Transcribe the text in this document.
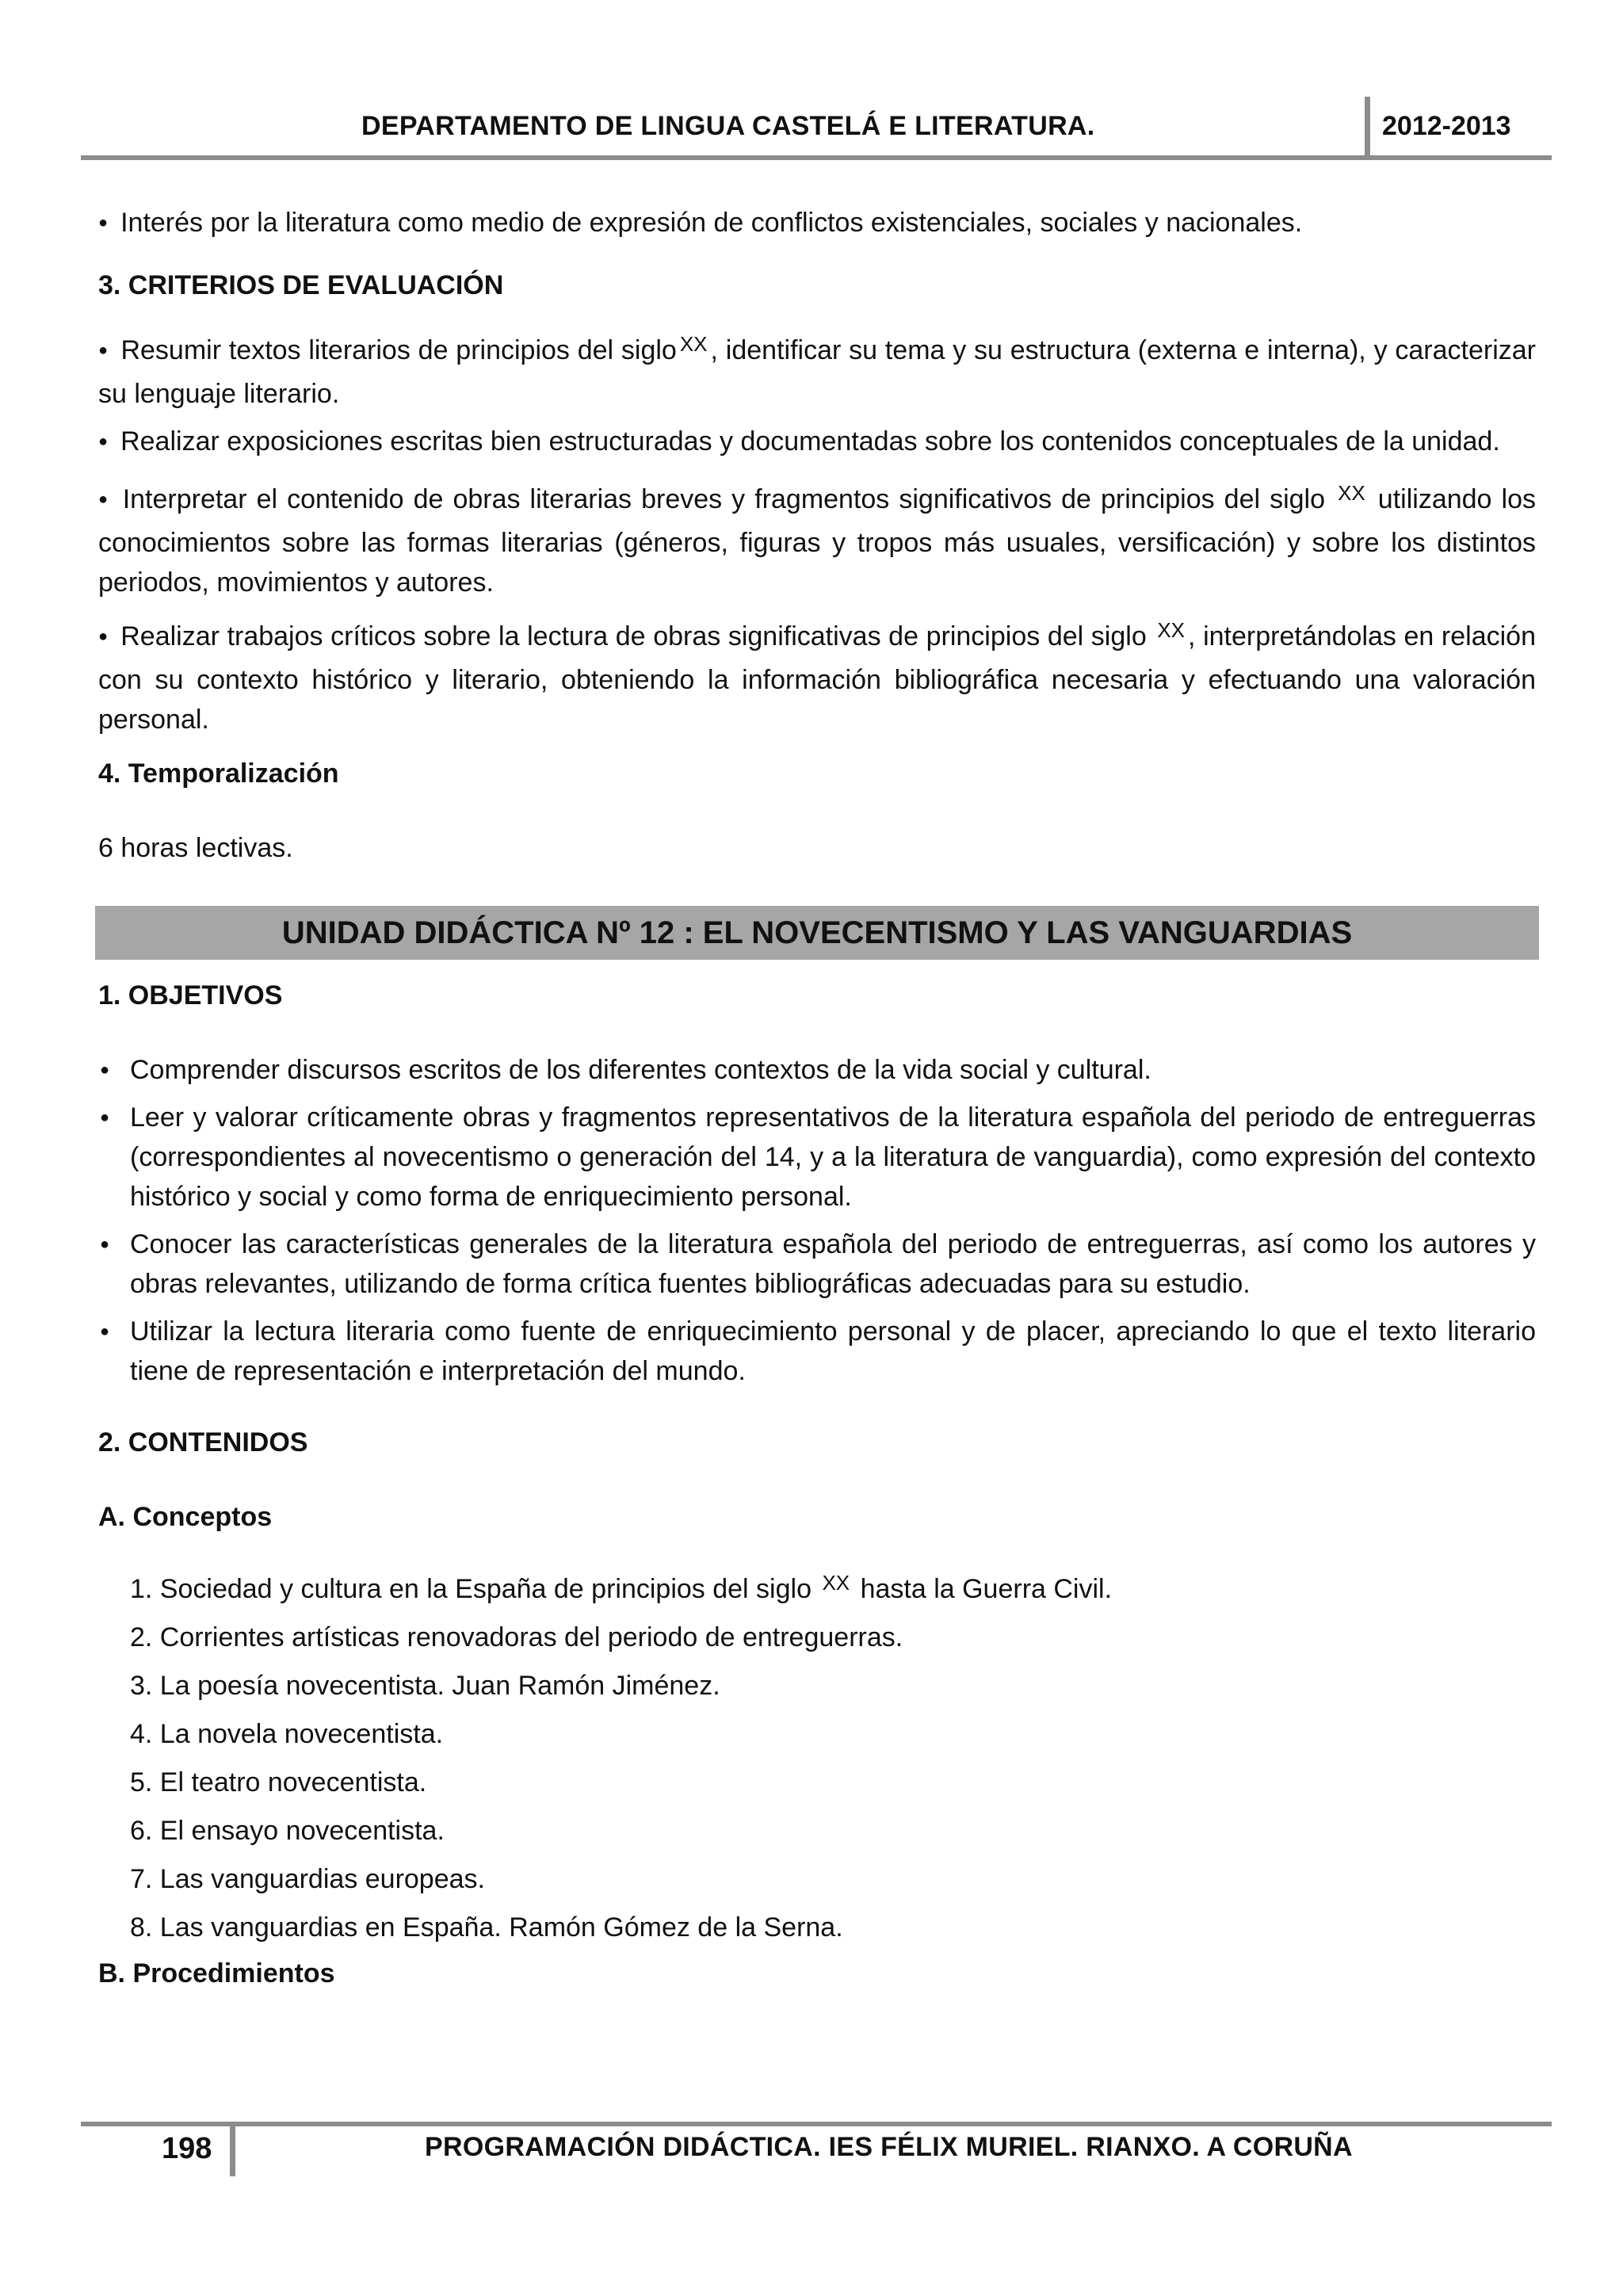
DEPARTAMENTO DE LINGUA CASTELÁ E LITERATURA.	2012-2013

● Interés por la literatura como medio de expresión de conflictos existenciales, sociales y nacionales.

3. CRITERIOS DE EVALUACIÓN

● Resumir textos literarios de principios del siglo $^{XX}$ , identificar su tema y su estructura (externa e interna), y caracterizar su lenguaje literario.

● Realizar exposiciones escritas bien estructuradas y documentadas sobre los contenidos conceptuales de la unidad.

● Interpretar el contenido de obras literarias breves y fragmentos significativos de principios del siglo $^{XX}$ utilizando los conocimientos sobre las formas literarias (géneros, figuras y tropos más usuales, versificación) y sobre los distintos periodos, movimientos y autores.

● Realizar trabajos críticos sobre la lectura de obras significativas de principios del siglo $^{XX}$ , interpretándolas en relación con su contexto histórico y literario, obteniendo la información bibliográfica necesaria y efectuando una valoración personal.

4. Temporalización

6 horas lectivas.

UNIDAD DIDÁCTICA Nº 12 : EL NOVECENTISMO Y LAS VANGUARDIAS

1. OBJETIVOS

● Comprender discursos escritos de los diferentes contextos de la vida social y cultural.
● Leer y valorar críticamente obras y fragmentos representativos de la literatura española del periodo de entreguerras (correspondientes al novecentismo o generación del 14, y a la literatura de vanguardia), como expresión del contexto histórico y social y como forma de enriquecimiento personal.
● Conocer las características generales de la literatura española del periodo de entreguerras, así como los autores y obras relevantes, utilizando de forma crítica fuentes bibliográficas adecuadas para su estudio.
● Utilizar la lectura literaria como fuente de enriquecimiento personal y de placer, apreciando lo que el texto literario tiene de representación e interpretación del mundo.

2. CONTENIDOS

A. Conceptos

1. Sociedad y cultura en la España de principios del siglo $^{XX}$ hasta la Guerra Civil.
2. Corrientes artísticas renovadoras del periodo de entreguerras.
3. La poesía novecentista. Juan Ramón Jiménez.
4. La novela novecentista.
5. El teatro novecentista.
6. El ensayo novecentista.
7. Las vanguardias europeas.
8. Las vanguardias en España. Ramón Gómez de la Serna.

B. Procedimientos

198	PROGRAMACIÓN DIDÁCTICA. IES FÉLIX MURIEL. RIANXO. A CORUÑA
